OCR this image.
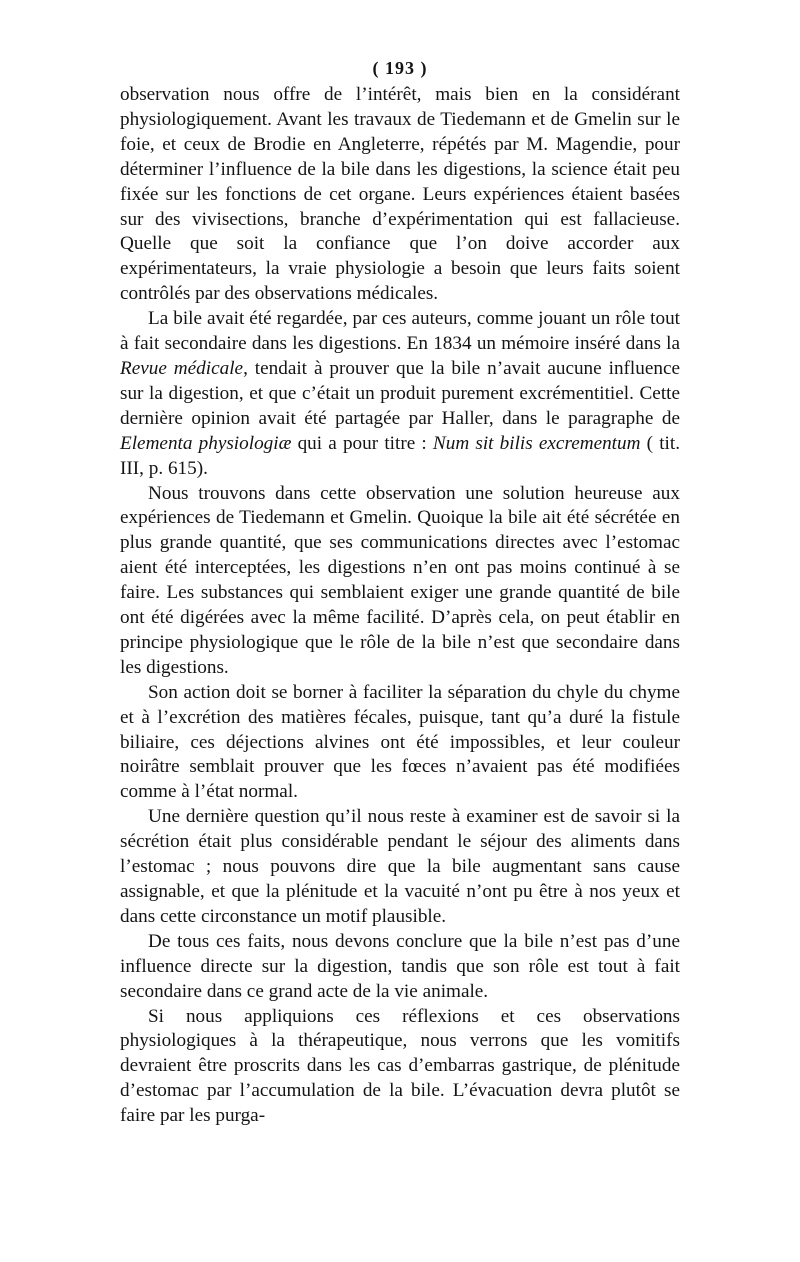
( 193 )

observation nous offre de l’intérêt, mais bien en la considérant physiologiquement. Avant les travaux de Tiedemann et de Gmelin sur le foie, et ceux de Brodie en Angleterre, répétés par M. Magendie, pour déterminer l’influence de la bile dans les digestions, la science était peu fixée sur les fonctions de cet organe. Leurs expériences étaient basées sur des vivisections, branche d’expérimentation qui est fallacieuse. Quelle que soit la confiance que l’on doive accorder aux expérimentateurs, la vraie physiologie a besoin que leurs faits soient contrôlés par des observations médicales.

La bile avait été regardée, par ces auteurs, comme jouant un rôle tout à fait secondaire dans les digestions. En 1834 un mémoire inséré dans la Revue médicale, tendait à prouver que la bile n’avait aucune influence sur la digestion, et que c’était un produit purement excrémentitiel. Cette dernière opinion avait été partagée par Haller, dans le paragraphe de Elementa physiologiæ qui a pour titre : Num sit bilis excrementum ( tit. III, p. 615).

Nous trouvons dans cette observation une solution heureuse aux expériences de Tiedemann et Gmelin. Quoique la bile ait été sécrétée en plus grande quantité, que ses communications directes avec l’estomac aient été interceptées, les digestions n’en ont pas moins continué à se faire. Les substances qui semblaient exiger une grande quantité de bile ont été digérées avec la même facilité. D’après cela, on peut établir en principe physiologique que le rôle de la bile n’est que secondaire dans les digestions.

Son action doit se borner à faciliter la séparation du chyle du chyme et à l’excrétion des matières fécales, puisque, tant qu’a duré la fistule biliaire, ces déjections alvines ont été impossibles, et leur couleur noirâtre semblait prouver que les fœces n’avaient pas été modifiées comme à l’état normal.

Une dernière question qu’il nous reste à examiner est de savoir si la sécrétion était plus considérable pendant le séjour des aliments dans l’estomac ; nous pouvons dire que la bile augmentant sans cause assignable, et que la plénitude et la vacuité n’ont pu être à nos yeux et dans cette circonstance un motif plausible.

De tous ces faits, nous devons conclure que la bile n’est pas d’une influence directe sur la digestion, tandis que son rôle est tout à fait secondaire dans ce grand acte de la vie animale.

Si nous appliquions ces réflexions et ces observations physiologiques à la thérapeutique, nous verrons que les vomitifs devraient être proscrits dans les cas d’embarras gastrique, de plénitude d’estomac par l’accumulation de la bile. L’évacuation devra plutôt se faire par les purga-
